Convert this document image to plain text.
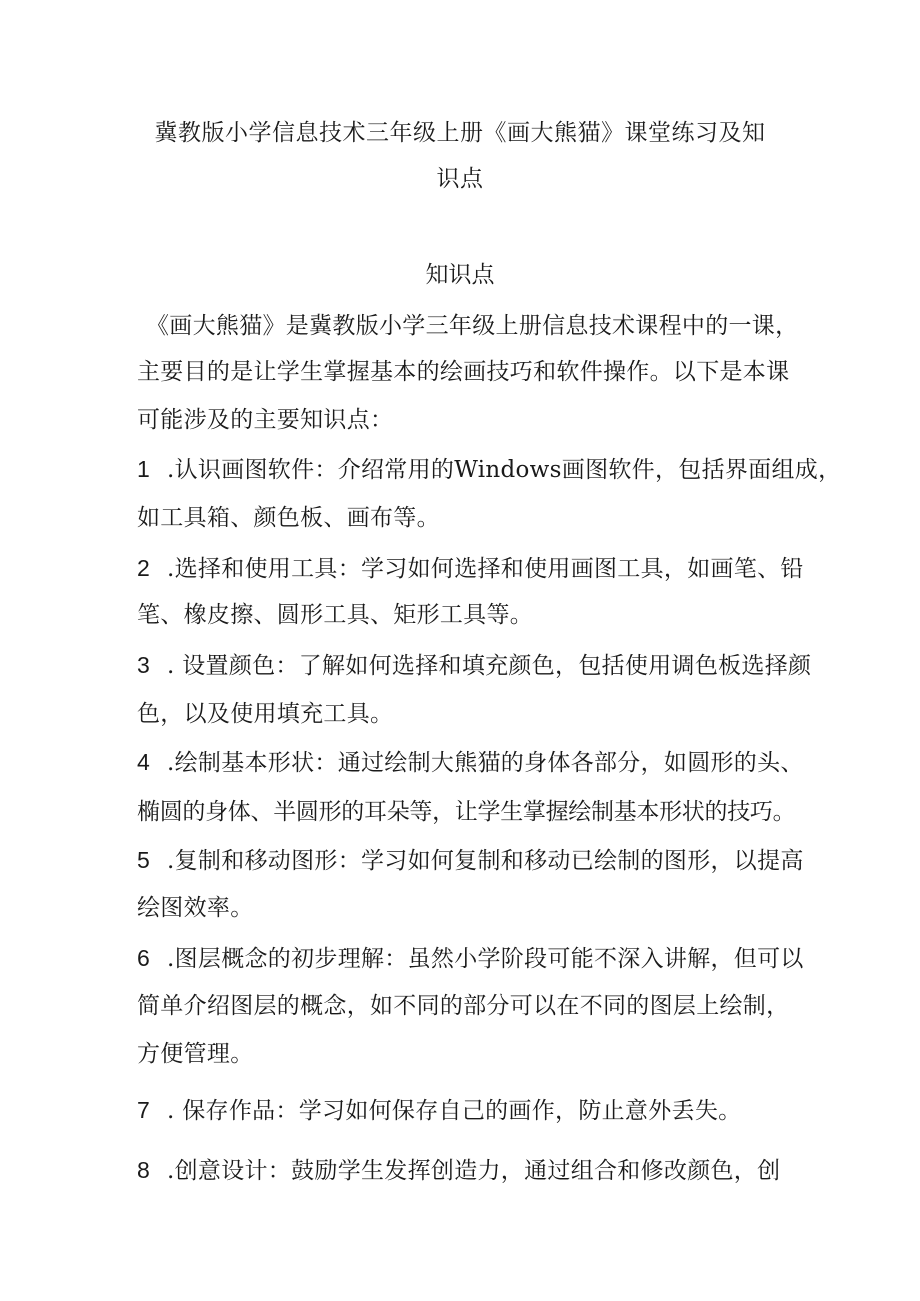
冀教版小学信息技术三年级上册《画大熊猫》课堂练习及知
识点
知识点
《画大熊猫》是冀教版小学三年级上册信息技术课程中的一课，
主要目的是让学生掌握基本的绘画技巧和软件操作。以下是本课
可能涉及的主要知识点：
1 .认识画图软件：介绍常用的Windows画图软件，包括界面组成，
如工具箱、颜色板、画布等。
2 .选择和使用工具：学习如何选择和使用画图工具，如画笔、铅
笔、橡皮擦、圆形工具、矩形工具等。
3 . 设置颜色：了解如何选择和填充颜色，包括使用调色板选择颜
色，以及使用填充工具。
4 .绘制基本形状：通过绘制大熊猫的身体各部分，如圆形的头、
椭圆的身体、半圆形的耳朵等，让学生掌握绘制基本形状的技巧。
5 .复制和移动图形：学习如何复制和移动已绘制的图形，以提高
绘图效率。
6 .图层概念的初步理解：虽然小学阶段可能不深入讲解，但可以
简单介绍图层的概念，如不同的部分可以在不同的图层上绘制，
方便管理。
7 . 保存作品：学习如何保存自己的画作，防止意外丢失。
8 .创意设计：鼓励学生发挥创造力，通过组合和修改颜色，创
